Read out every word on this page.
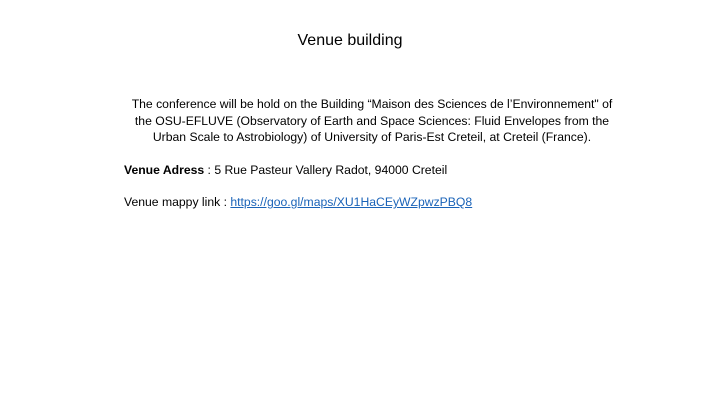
Venue building
The conference will be hold on the Building “Maison des Sciences de l’Environnement" of the OSU-EFLUVE (Observatory of Earth and Space Sciences: Fluid Envelopes from the Urban Scale to Astrobiology) of University of Paris-Est Creteil, at Creteil (France).
Venue Adress : 5 Rue Pasteur Vallery Radot, 94000 Creteil
Venue mappy link : https://goo.gl/maps/XU1HaCEyWZpwzPBQ8
